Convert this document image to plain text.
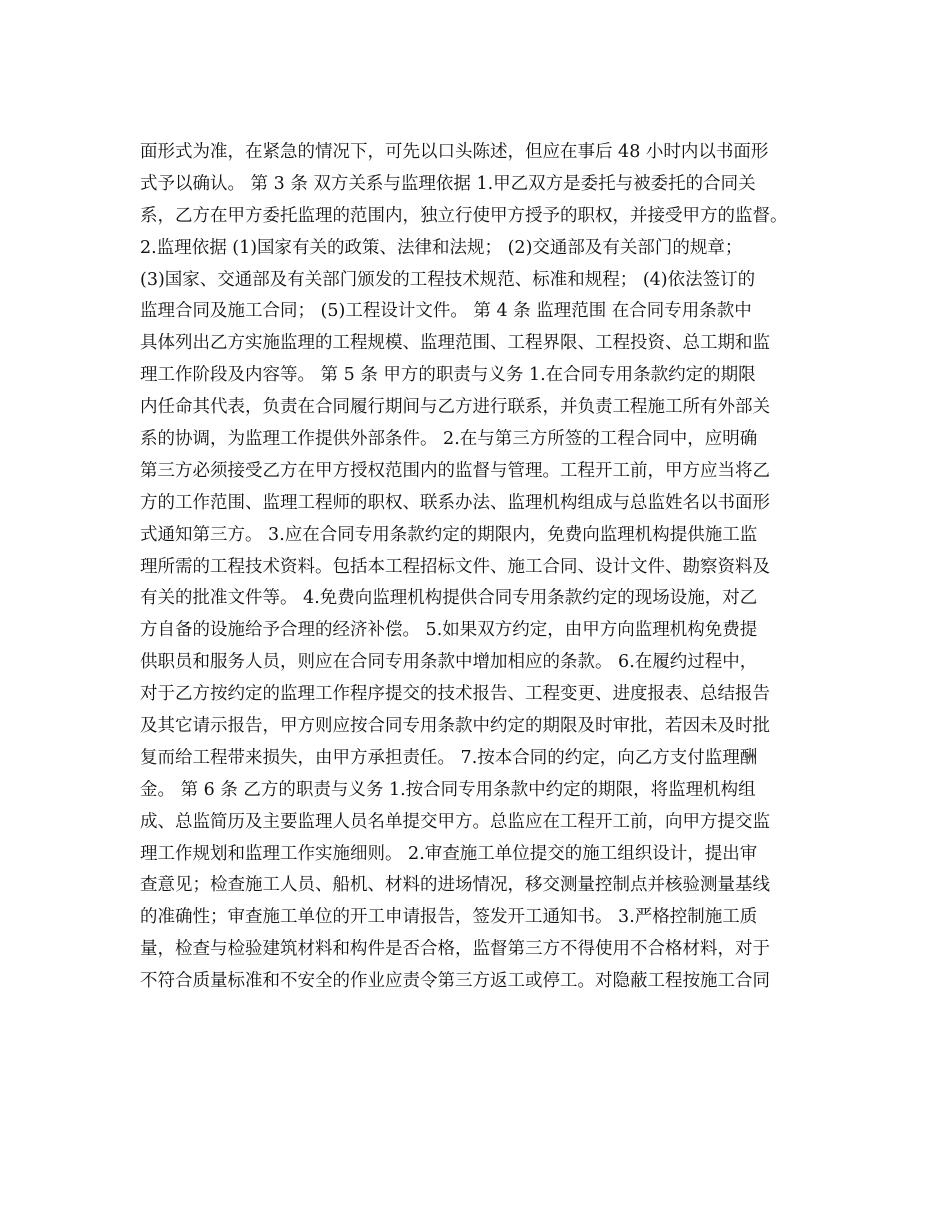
面形式为准，在紧急的情况下，可先以口头陈述，但应在事后 48 小时内以书面形
式予以确认。 第 3 条 双方关系与监理依据 1.甲乙双方是委托与被委托的合同关
系，乙方在甲方委托监理的范围内，独立行使甲方授予的职权，并接受甲方的监督。
2.监理依据 (1)国家有关的政策、法律和法规； (2)交通部及有关部门的规章；
(3)国家、交通部及有关部门颁发的工程技术规范、标准和规程； (4)依法签订的
监理合同及施工合同； (5)工程设计文件。 第 4 条 监理范围 在合同专用条款中
具体列出乙方实施监理的工程规模、监理范围、工程界限、工程投资、总工期和监
理工作阶段及内容等。 第 5 条 甲方的职责与义务 1.在合同专用条款约定的期限
内任命其代表，负责在合同履行期间与乙方进行联系，并负责工程施工所有外部关
系的协调，为监理工作提供外部条件。 2.在与第三方所签的工程合同中，应明确
第三方必须接受乙方在甲方授权范围内的监督与管理。工程开工前，甲方应当将乙
方的工作范围、监理工程师的职权、联系办法、监理机构组成与总监姓名以书面形
式通知第三方。 3.应在合同专用条款约定的期限内，免费向监理机构提供施工监
理所需的工程技术资料。包括本工程招标文件、施工合同、设计文件、勘察资料及
有关的批准文件等。 4.免费向监理机构提供合同专用条款约定的现场设施，对乙
方自备的设施给予合理的经济补偿。 5.如果双方约定，由甲方向监理机构免费提
供职员和服务人员，则应在合同专用条款中增加相应的条款。 6.在履约过程中，
对于乙方按约定的监理工作程序提交的技术报告、工程变更、进度报表、总结报告
及其它请示报告，甲方则应按合同专用条款中约定的期限及时审批，若因未及时批
复而给工程带来损失，由甲方承担责任。 7.按本合同的约定，向乙方支付监理酬
金。 第 6 条 乙方的职责与义务 1.按合同专用条款中约定的期限，将监理机构组
成、总监简历及主要监理人员名单提交甲方。总监应在工程开工前，向甲方提交监
理工作规划和监理工作实施细则。 2.审查施工单位提交的施工组织设计，提出审
查意见；检查施工人员、船机、材料的进场情况，移交测量控制点并核验测量基线
的准确性；审查施工单位的开工申请报告，签发开工通知书。 3.严格控制施工质
量，检查与检验建筑材料和构件是否合格，监督第三方不得使用不合格材料，对于
不符合质量标准和不安全的作业应责令第三方返工或停工。对隐蔽工程按施工合同
